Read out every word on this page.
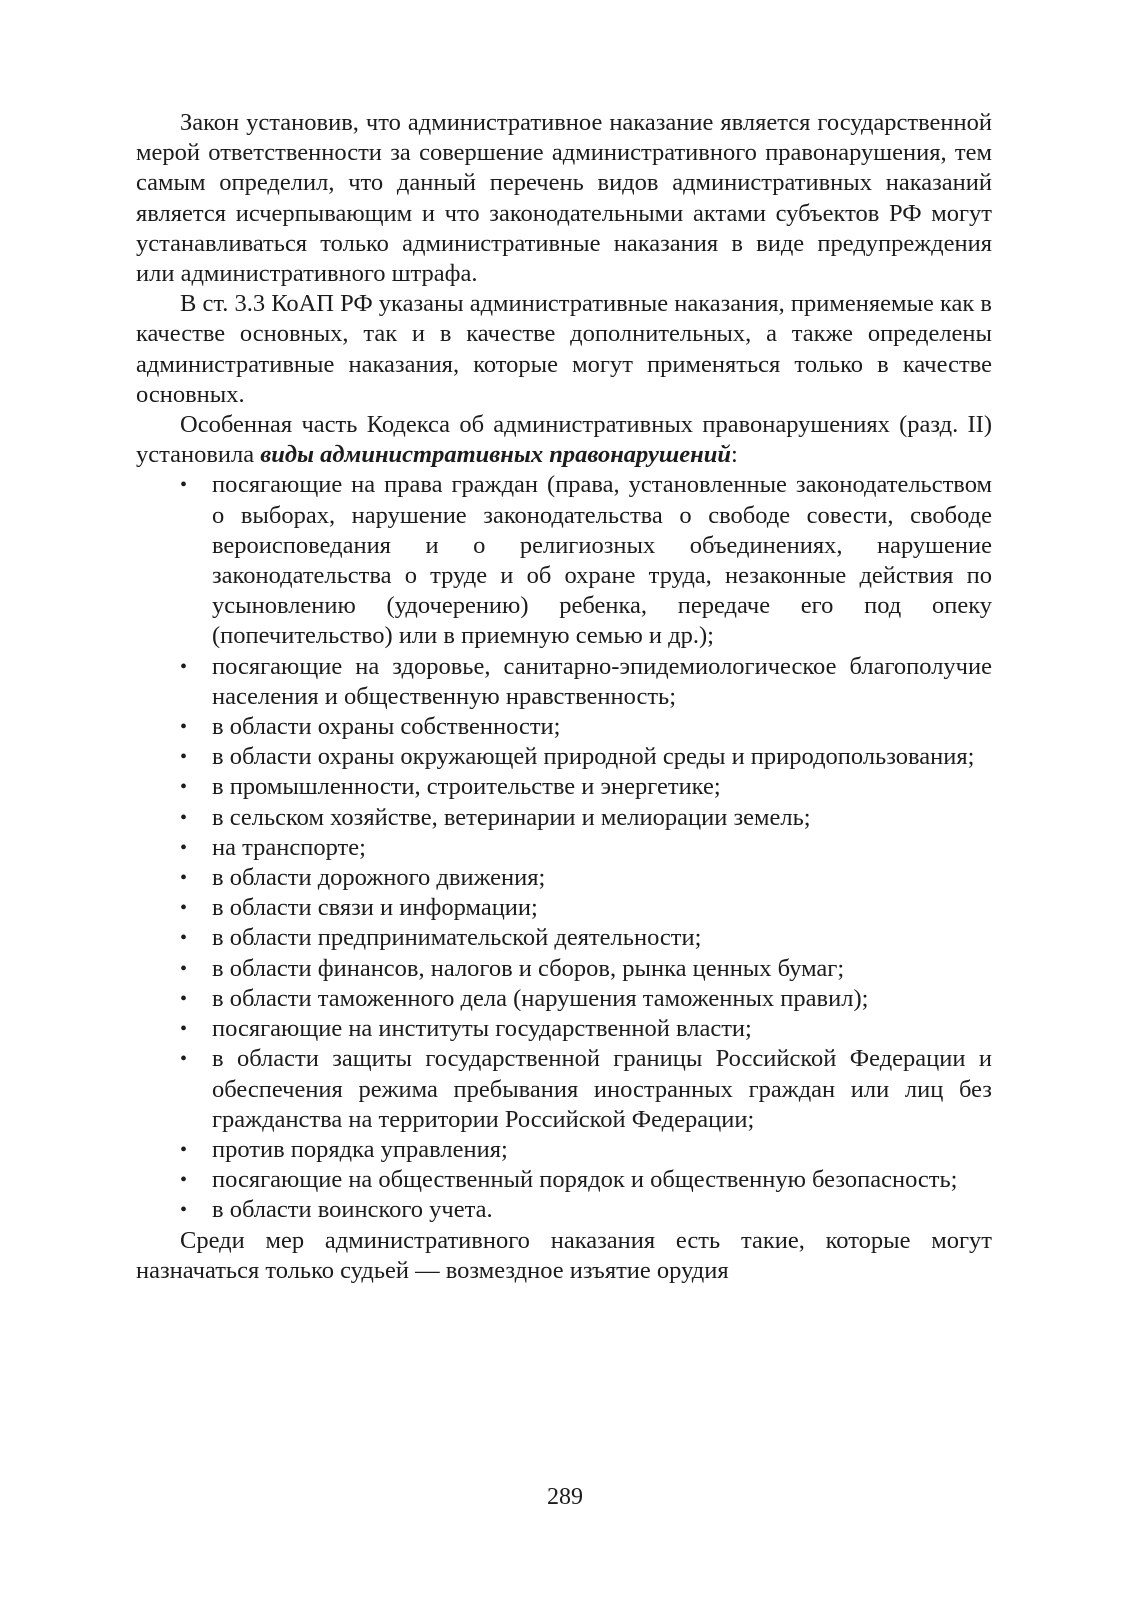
Закон установив, что административное наказание является государственной мерой ответственности за совершение административного правонарушения, тем самым определил, что данный перечень видов административных наказаний является исчерпывающим и что законодательными актами субъектов РФ могут устанавливаться только административные наказания в виде предупреждения или административного штрафа.

В ст. 3.3 КоАП РФ указаны административные наказания, применяемые как в качестве основных, так и в качестве дополнительных, а также определены административные наказания, которые могут применяться только в качестве основных.

Особенная часть Кодекса об административных правонарушениях (разд. II) установила виды административных правонарушений:

• посягающие на права граждан (права, установленные законодательством о выборах, нарушение законодательства о свободе совести, свободе вероисповедания и о религиозных объединениях, нарушение законодательства о труде и об охране труда, незаконные действия по усыновлению (удочерению) ребенка, передаче его под опеку (попечительство) или в приемную семью и др.);
• посягающие на здоровье, санитарно-эпидемиологическое благополучие населения и общественную нравственность;
• в области охраны собственности;
• в области охраны окружающей природной среды и природопользования;
• в промышленности, строительстве и энергетике;
• в сельском хозяйстве, ветеринарии и мелиорации земель;
• на транспорте;
• в области дорожного движения;
• в области связи и информации;
• в области предпринимательской деятельности;
• в области финансов, налогов и сборов, рынка ценных бумаг;
• в области таможенного дела (нарушения таможенных правил);
• посягающие на институты государственной власти;
• в области защиты государственной границы Российской Федерации и обеспечения режима пребывания иностранных граждан или лиц без гражданства на территории Российской Федерации;
• против порядка управления;
• посягающие на общественный порядок и общественную безопасность;
• в области воинского учета.

Среди мер административного наказания есть такие, которые могут назначаться только судьей — возмездное изъятие орудия

289
